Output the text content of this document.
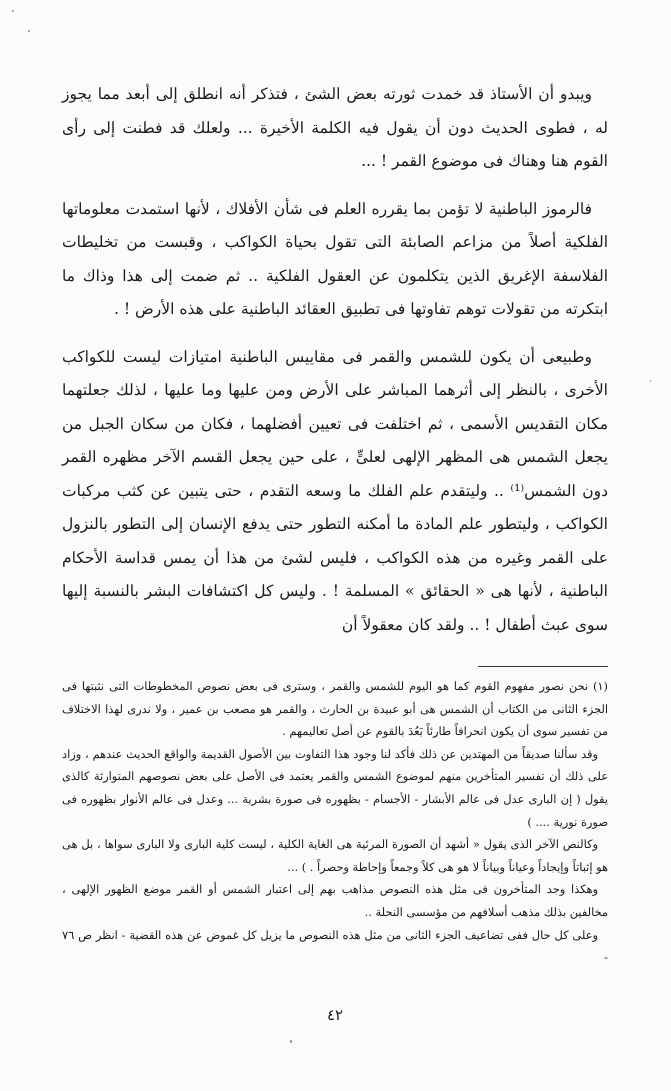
ويبدو أن الأستاذ قد خمدت ثورته بعض الشئ ، فتذكر أنه انطلق إلى أبعد مما يجوز له ، فطوى الحديث دون أن يقول فيه الكلمة الأخيرة ... ولعلك قد فطنت إلى رأى القوم هنا وهناك فى موضوع القمر ! ...

فالرموز الباطنية لا تؤمن بما يقرره العلم فى شأن الأفلاك ، لأنها استمدت معلوماتها الفلكية أصلاً من مزاعم الصابئة التى تقول بحياة الكواكب ، وقبست من تخليطات الفلاسفة الإغريق الذين يتكلمون عن العقول الفلكية .. ثم ضمت إلى هذا وذاك ما ابتكرته من تقولات توهم تفاوتها فى تطبيق العقائد الباطنية على هذه الأرض ! .

وطبيعى أن يكون للشمس والقمر فى مقاييس الباطنية امتيازات ليست للكواكب الأخرى ، بالنظر إلى أثرهما المباشر على الأرض ومن عليها وما عليها ، لذلك جعلتهما مكان التقديس الأسمى ، ثم اختلفت فى تعيين أفضلهما ، فكان من سكان الجبل من يجعل الشمس هى المظهر الإلهى لعلىٍّ ، على حين يجعل القسم الآخر مظهره القمر دون الشمس⁽¹⁾ .. وليتقدم علم الفلك ما وسعه التقدم ، حتى يتبين عن كثب مركبات الكواكب ، وليتطور علم المادة ما أمكنه التطور حتى يدفع الإنسان إلى التطور بالنزول على القمر وغيره من هذه الكواكب ، فليس لشئ من هذا أن يمس قداسة الأحكام الباطنية ، لأنها هى « الحقائق » المسلمة ! . وليس كل اكتشافات البشر بالنسبة إليها سوى عبث أطفال ! .. ولقد كان معقولاً أن

(١) نحن نصور مفهوم القوم كما هو اليوم للشمس والقمر ، وسترى فى بعض نصوص المخطوطات التى نثبتها فى الجزء الثانى من الكتاب أن الشمس هى أبو عبيدة بن الحارث ، والقمر هو مصعب بن عمير ، ولا ندرى لهذا الاختلاف من تفسير سوى أن يكون انحرافاً طارئاً بَعُدَ بالقوم عن أصل تعاليمهم .

وقد سألنا صديقاً من المهتدين عن ذلك فأكد لنا وجود هذا التفاوت بين الأصول القديمة والواقع الحديث عندهم ، وزاد على ذلك أن تفسير المتأخرين منهم لموضوع الشمس والقمر يعتمد فى الأصل على بعض نصوصهم المتوارثة كالذى يقول ( إن البارى عدل فى عالم الأبشار - الأجسام - بظهوره فى صورة بشرية ... وعدل فى عالم الأنوار بظهوره فى صورة نورية .... )

وكالنص الآخر الذى يقول « أشهد أن الصورة المرئية هى الغاية الكلية ، ليست كلية البارى ولا البارى سواها ، بل هى هو إثباتاً وإيجاداً وعياناً وبياناً لا هو هى كلاً وجمعاً وإحاطة وحصراً . ) ...

وهكذا وجد المتأخرون فى مثل هذه النصوص مذاهب بهم إلى اعتبار الشمس أو القمر موضع الظهور الإلهى ، مخالفين بذلك مذهب أسلافهم من مؤسسى النحلة ..

وعلى كل حال ففى تضاعيف الجزء الثانى من مثل هذه النصوص ما يزيل كل غموض عن هذه القضية - انظر ص ٧٦ -

٤٢
